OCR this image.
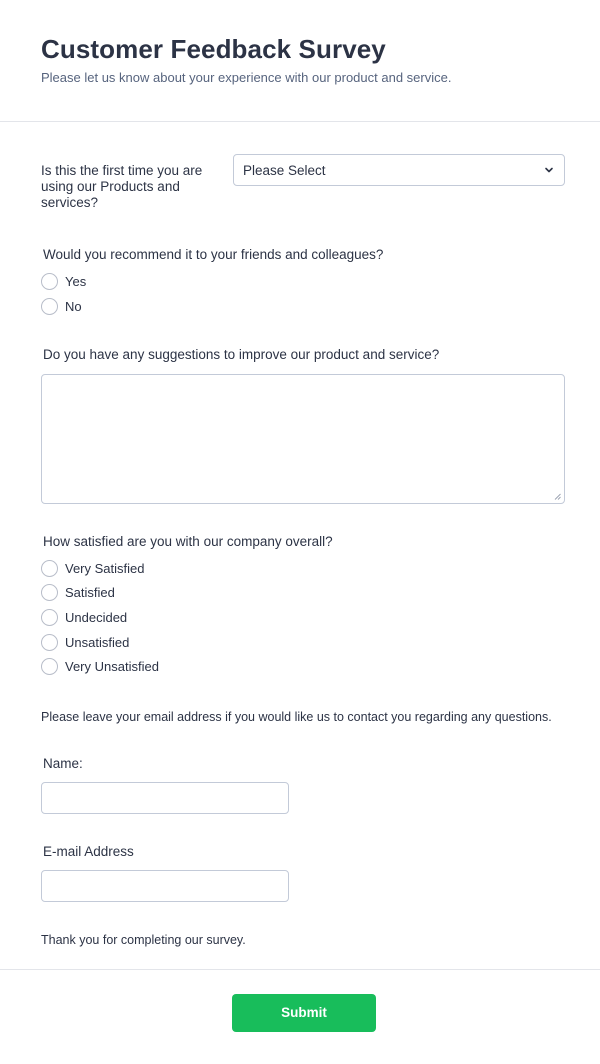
Customer Feedback Survey
Please let us know about your experience with our product and service.
Is this the first time you are using our Products and services?
Please Select
Would you recommend it to your friends and colleagues?
Yes
No
Do you have any suggestions to improve our product and service?
How satisfied are you with our company overall?
Very Satisfied
Satisfied
Undecided
Unsatisfied
Very Unsatisfied
Please leave your email address if you would like us to contact you regarding any questions.
Name:
E-mail Address
Thank you for completing our survey.
Submit
